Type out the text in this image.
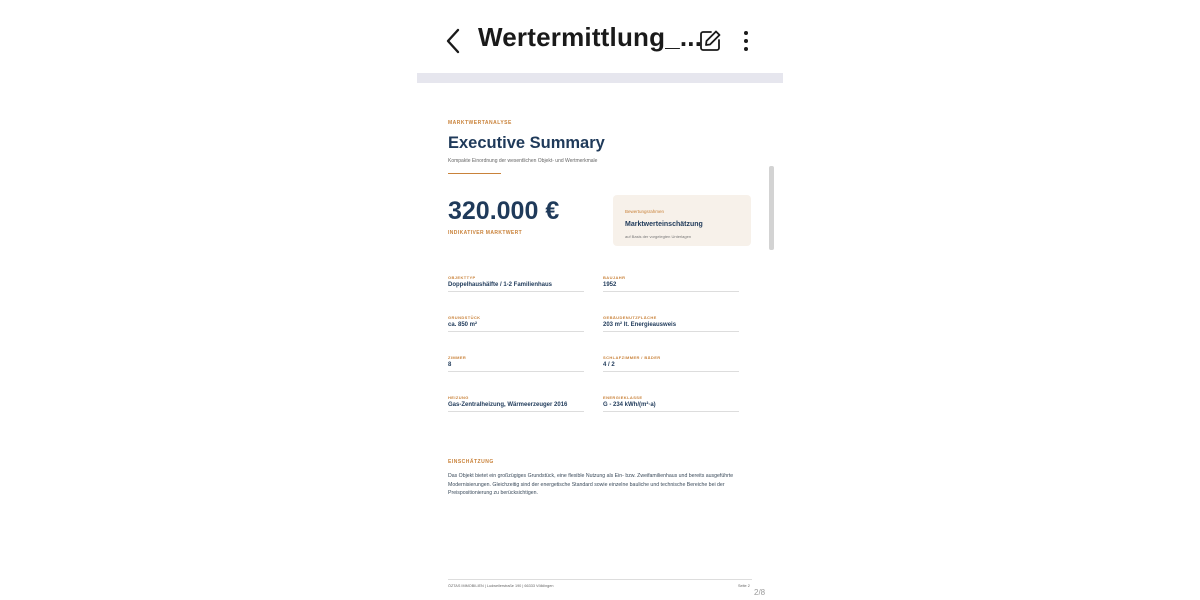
Wertermittlung_...
MARKTWERTANALYSE
Executive Summary
Kompakte Einordnung der wesentlichen Objekt- und Wertmerkmale
320.000 €
INDIKATIVER MARKTWERT
Bewertungsrahmen
Marktwerteinschätzung
auf Basis der vorgelegten Unterlagen
OBJEKTTYP
Doppelhaushälfte / 1-2 Familienhaus
BAUJAHR
1952
GRUNDSTÜCK
ca. 850 m²
GEBÄUDENUTZFLÄCHE
203 m² lt. Energieausweis
ZIMMER
8
SCHLAFZIMMER / BÄDER
4 / 2
HEIZUNG
Gas-Zentralheizung, Wärmeerzeuger 2016
ENERGIEKLASSE
G - 234 kWh/(m²·a)
EINSCHÄTZUNG
Das Objekt bietet ein großzügiges Grundstück, eine flexible Nutzung als Ein- bzw. Zweifamilienhaus und bereits ausgeführte Modernisierungen. Gleichzeitig sind der energetische Standard sowie einzelne bauliche und technische Bereiche bei der Preispositionierung zu berücksichtigen.
ÖZTAS IMMOBILIEN | Ludweilerstraße 190 | 66333 Völklingen	Seite 2
2/8
